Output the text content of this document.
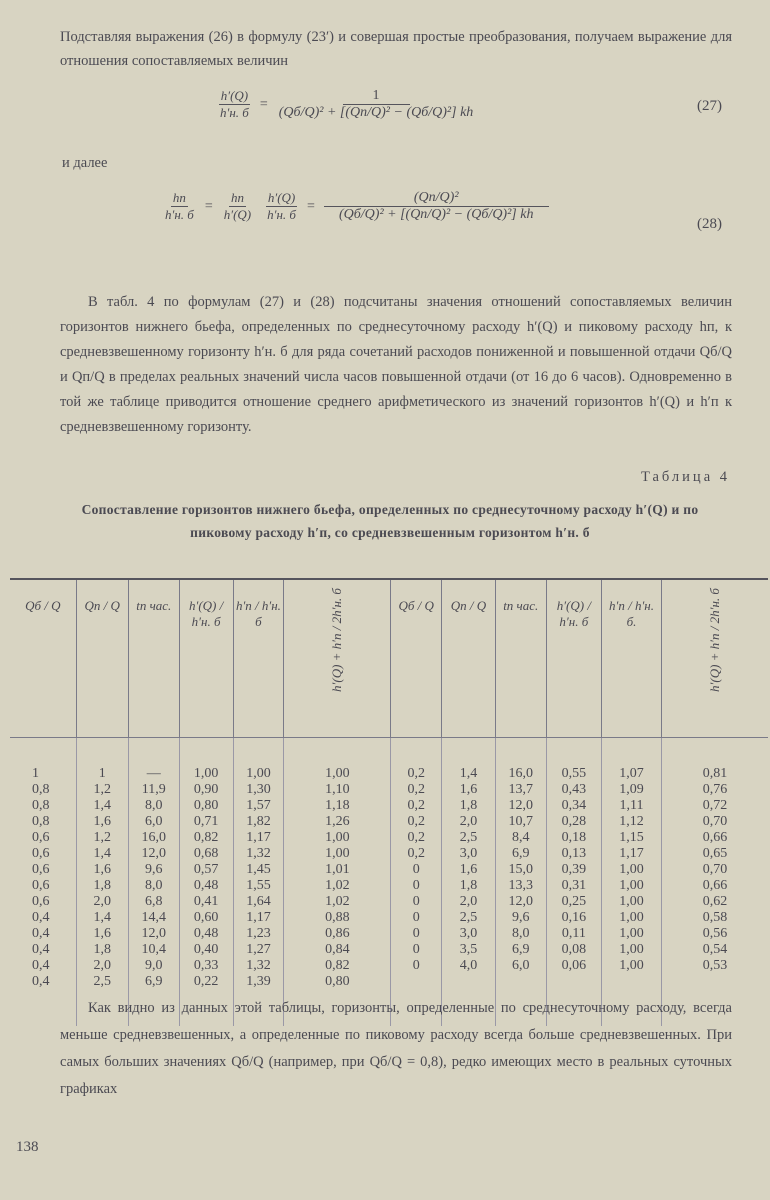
Подставляя выражения (26) в формулу (23′) и совершая простые преобразования, получаем выражение для отношения сопоставляемых величин
$\frac{h'(Q)}{h'н. б} = \frac{1}{\text{(Qб/Q)² + [(Qп/Q)² − (Qб/Q)²] kh}}$	(27)
и далее
$\frac{hп}{h'н. б} = \frac{hп}{h'(Q)} \frac{h'(Q)}{h'н. б} = \frac{\text{(Qп/Q)²}}{\text{(Qб/Q)² + [(Qп/Q)² − (Qб/Q)²] kh}}$
(28)
В табл. 4 по формулам (27) и (28) подсчитаны значения отношений сопоставляемых величин горизонтов нижнего бьефа, определенных по среднесуточному расходу h′(Q) и пиковому расходу hп, к средневзвешенному горизонту h′н. б для ряда сочетаний расходов пониженной и повышенной отдачи Qб/Q и Qп/Q в пределах реальных значений числа часов повышенной отдачи (от 16 до 6 часов). Одновременно в той же таблице приводится отношение среднего арифметического из значений горизонтов h′(Q) и h′п к средневзвешенному горизонту.
Таблица 4
Сопоставление горизонтов нижнего бьефа, определенных по среднесуточному расходу h′(Q) и по пиковому расходу h′п, со средневзвешенным горизонтом h′н. б
Qб / Q	Qп / Q	tп час.	h′(Q) / h′н. б	h′п / h′н. б	h′(Q) + h′п / 2h′н. б	Qб / Q	Qп / Q	tп час.	h′(Q) / h′н. б	h′п / h′н. б.	h′(Q) + h′п / 2h′н. б
1	1	—	1,00	1,00	1,00	0,2	1,4	16,0	0,55	1,07	0,81
0,8	1,2	11,9	0,90	1,30	1,10	0,2	1,6	13,7	0,43	1,09	0,76
0,8	1,4	8,0	0,80	1,57	1,18	0,2	1,8	12,0	0,34	1,11	0,72
0,8	1,6	6,0	0,71	1,82	1,26	0,2	2,0	10,7	0,28	1,12	0,70
0,6	1,2	16,0	0,82	1,17	1,00	0,2	2,5	8,4	0,18	1,15	0,66
0,6	1,4	12,0	0,68	1,32	1,00	0,2	3,0	6,9	0,13	1,17	0,65
0,6	1,6	9,6	0,57	1,45	1,01	0	1,6	15,0	0,39	1,00	0,70
0,6	1,8	8,0	0,48	1,55	1,02	0	1,8	13,3	0,31	1,00	0,66
0,6	2,0	6,8	0,41	1,64	1,02	0	2,0	12,0	0,25	1,00	0,62
0,4	1,4	14,4	0,60	1,17	0,88	0	2,5	9,6	0,16	1,00	0,58
0,4	1,6	12,0	0,48	1,23	0,86	0	3,0	8,0	0,11	1,00	0,56
0,4	1,8	10,4	0,40	1,27	0,84	0	3,5	6,9	0,08	1,00	0,54
0,4	2,0	9,0	0,33	1,32	0,82	0	4,0	6,0	0,06	1,00	0,53
0,4	2,5	6,9	0,22	1,39	0,80						
Как видно из данных этой таблицы, горизонты, определенные по среднесуточному расходу, всегда меньше средневзвешенных, а определенные по пиковому расходу всегда больше средневзвешенных. При самых больших значениях Qб/Q (например, при Qб/Q = 0,8), редко имеющих место в реальных суточных графиках
138
